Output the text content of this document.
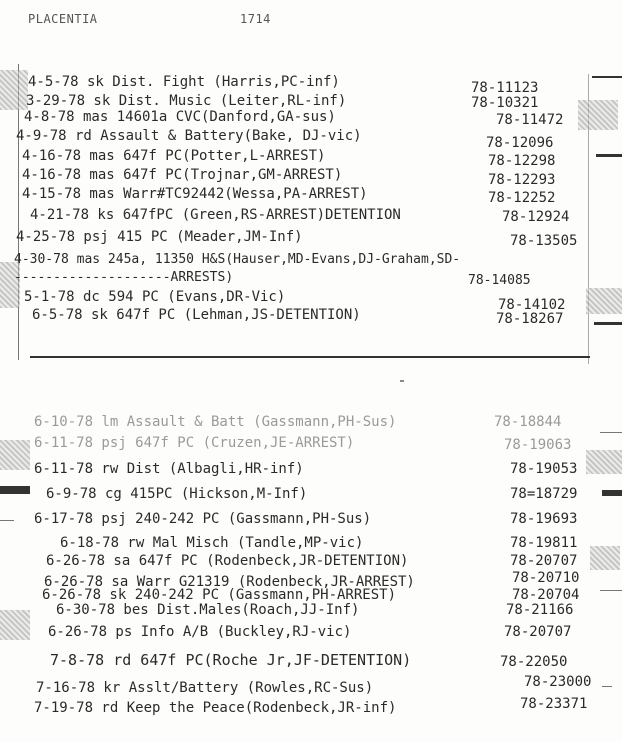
PLACENTIA	1714
4-5-78 sk Dist. Fight (Harris,PC-inf)	78-11123
3-29-78 sk Dist. Music (Leiter,RL-inf)	78-10321
4-8-78 mas 14601a CVC(Danford,GA-sus)	78-11472
4-9-78 rd Assault & Battery(Bake, DJ-vic)	78-12096
4-16-78 mas 647f PC(Potter,L-ARREST)	78-12298
4-16-78 mas 647f PC(Trojnar,GM-ARREST)	78-12293
4-15-78 mas Warr#TC92442(Wessa,PA-ARREST)	78-12252
4-21-78 ks 647fPC (Green,RS-ARREST)DETENTION	78-12924
4-25-78 psj 415 PC (Meader,JM-Inf)	78-13505
4-30-78 mas 245a, 11350 H&S(Hauser,MD-Evans,DJ-Graham,SD-
--------------------ARRESTS)	78-14085
5-1-78 dc 594 PC (Evans,DR-Vic)	78-14102
6-5-78 sk 647f PC (Lehman,JS-DETENTION)	78-18267
6-10-78 lm Assault & Batt (Gassmann,PH-Sus)	78-18844
6-11-78 psj 647f PC (Cruzen,JE-ARREST)	78-19063
6-11-78 rw Dist (Albagli,HR-inf)	78-19053
6-9-78 cg 415PC (Hickson,M-Inf)	78=18729
6-17-78 psj 240-242 PC (Gassmann,PH-Sus)	78-19693
6-18-78 rw Mal Misch (Tandle,MP-vic)	78-19811
6-26-78 sa 647f PC (Rodenbeck,JR-DETENTION)	78-20707
6-26-78 sa Warr G21319 (Rodenbeck,JR-ARREST)	78-20710
6-26-78 sk 240-242 PC (Gassmann,PH-ARREST)	78-20704
6-30-78 bes Dist.Males(Roach,JJ-Inf)	78-21166
6-26-78 ps Info A/B (Buckley,RJ-vic)	78-20707
7-8-78 rd 647f PC(Roche Jr,JF-DETENTION)	78-22050
7-16-78 kr Asslt/Battery (Rowles,RC-Sus)	78-23000
7-19-78 rd Keep the Peace(Rodenbeck,JR-inf)	78-23371
